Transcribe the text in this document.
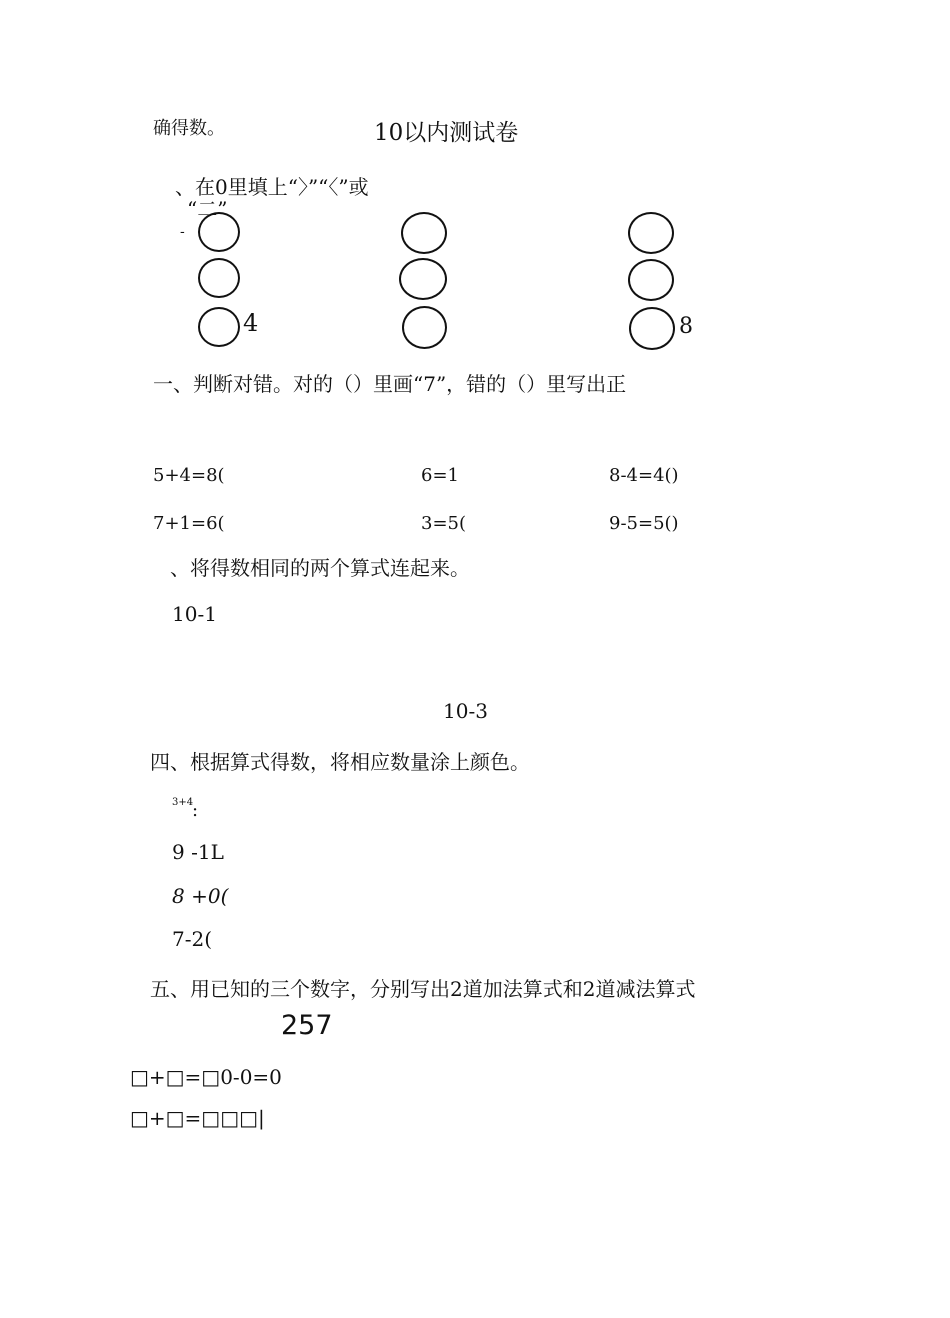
确得数。	10以内测试卷
、在0里填上“〉”“〈”或
“二”
-
4	8
一、判断对错。对的（）里画“7”，错的（）里写出正
5+4=8(	6=1	8-4=4()
7+1=6(	3=5(	9-5=5()
、将得数相同的两个算式连起来。
10-1
10-3
四、根据算式得数，将相应数量涂上颜色。
3+4
:
9 -1L
8 +0(
7-2(
五、用已知的三个数字，分别写出2道加法算式和2道减法算式
257
□+□=□0-0=0
□+□=□□□|
